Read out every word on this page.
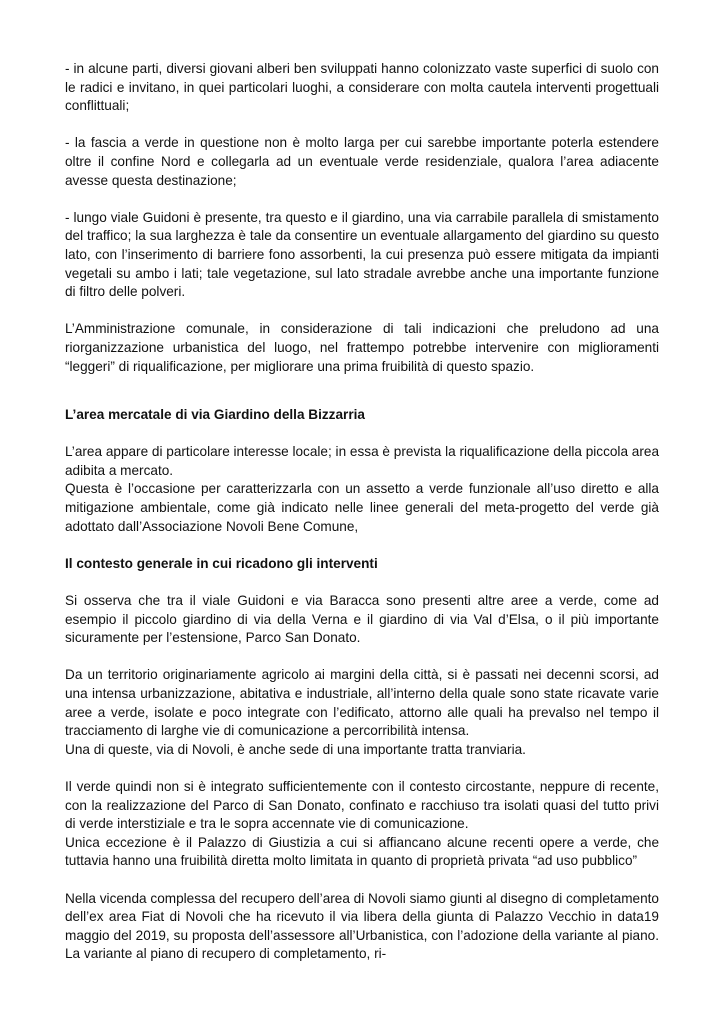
- in alcune parti, diversi giovani alberi ben sviluppati hanno colonizzato vaste superfici di suolo con le radici e invitano, in quei particolari luoghi, a considerare con molta cautela interventi progettuali conflittuali;

- la fascia a verde in questione non è molto larga per cui sarebbe importante poterla estendere oltre il confine Nord e collegarla ad un eventuale verde residenziale, qualora l’area adiacente avesse questa destinazione;

- lungo viale Guidoni è presente, tra questo e il giardino, una via carrabile parallela di smistamento del traffico; la sua larghezza è tale da consentire un eventuale allargamento del giardino su questo lato, con l’inserimento di barriere fono assorbenti, la cui presenza può essere mitigata da impianti vegetali su ambo i lati; tale vegetazione, sul lato stradale avrebbe anche una importante funzione di filtro delle polveri.

L’Amministrazione comunale, in considerazione di tali indicazioni che preludono ad una riorganizzazione urbanistica del luogo, nel frattempo potrebbe intervenire con miglioramenti “leggeri” di riqualificazione, per migliorare una prima fruibilità di questo spazio.

L’area mercatale di via Giardino della Bizzarria

L’area appare di particolare interesse locale; in essa è prevista la riqualificazione della piccola area adibita a mercato.

Questa è l’occasione per caratterizzarla con un assetto a verde funzionale all’uso diretto e alla mitigazione ambientale, come già indicato nelle linee generali del meta-progetto del verde già adottato dall’Associazione Novoli Bene Comune,

Il contesto generale in cui ricadono gli interventi

Si osserva che tra il viale Guidoni e via Baracca sono presenti altre aree a verde, come ad esempio il piccolo giardino di via della Verna e il giardino di via Val d’Elsa, o il più importante sicuramente per l’estensione, Parco San Donato.

Da un territorio originariamente agricolo ai margini della città, si è passati nei decenni scorsi, ad una intensa urbanizzazione, abitativa e industriale, all’interno della quale sono state ricavate varie aree a verde, isolate e poco integrate con l’edificato, attorno alle quali ha prevalso nel tempo il tracciamento di larghe vie di comunicazione a percorribilità intensa.

Una di queste, via di Novoli, è anche sede di una importante tratta tranviaria.

Il verde quindi non si è integrato sufficientemente con il contesto circostante, neppure di recente, con la realizzazione del Parco di San Donato, confinato e racchiuso tra isolati quasi del tutto privi di verde interstiziale e tra le sopra accennate vie di comunicazione.

Unica eccezione è il Palazzo di Giustizia a cui si affiancano alcune recenti opere a verde, che tuttavia hanno una fruibilità diretta molto limitata in quanto di proprietà privata “ad uso pubblico”

Nella vicenda complessa del recupero dell’area di Novoli siamo giunti al disegno di completamento dell’ex area Fiat di Novoli che ha ricevuto il via libera della giunta di Palazzo Vecchio in data19 maggio del 2019, su proposta dell’assessore all’Urbanistica, con l’adozione della variante al piano. La variante al piano di recupero di completamento, ri-
